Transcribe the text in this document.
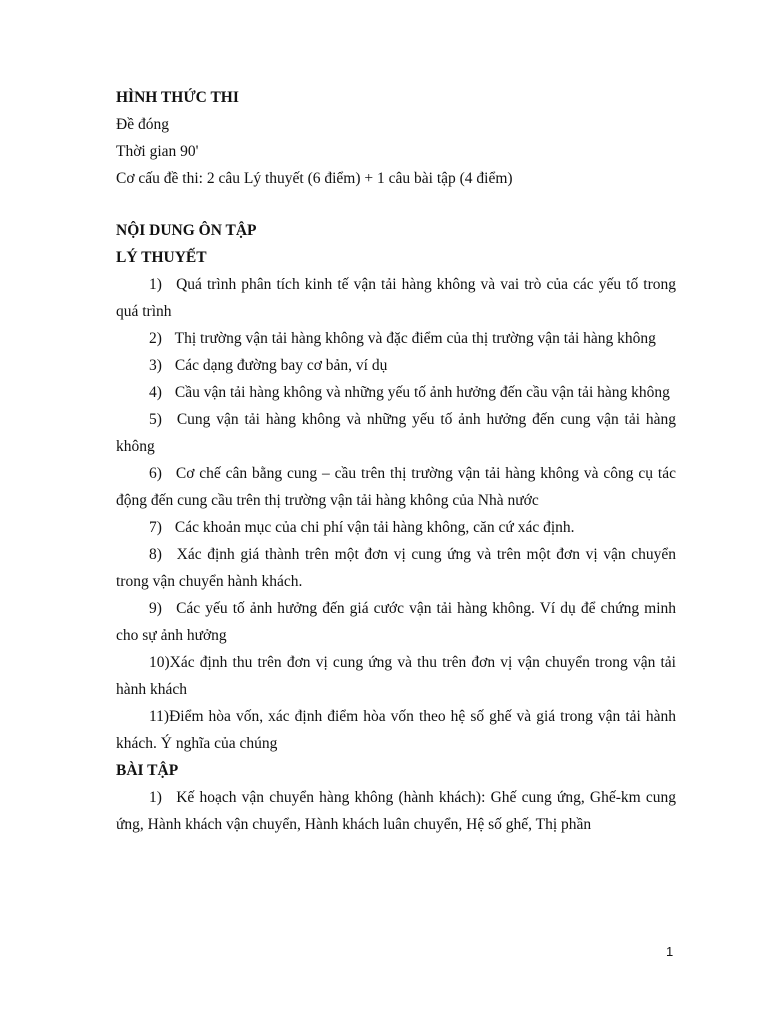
HÌNH THỨC THI

Đề đóng

Thời gian 90'

Cơ cấu đề thi: 2 câu Lý thuyết (6 điểm) + 1 câu bài tập (4 điểm)

NỘI DUNG ÔN TẬP

LÝ THUYẾT

1) Quá trình phân tích kinh tế vận tải hàng không và vai trò của các yếu tố trong quá trình
2) Thị trường vận tải hàng không và đặc điểm của thị trường vận tải hàng không
3) Các dạng đường bay cơ bản, ví dụ
4) Cầu vận tải hàng không và những yếu tố ảnh hưởng đến cầu vận tải hàng không
5) Cung vận tải hàng không và những yếu tố ảnh hưởng đến cung vận tải hàng không
6) Cơ chế cân bằng cung – cầu trên thị trường vận tải hàng không và công cụ tác động đến cung cầu trên thị trường vận tải hàng không của Nhà nước
7) Các khoản mục của chi phí vận tải hàng không, căn cứ xác định.
8) Xác định giá thành trên một đơn vị cung ứng và trên một đơn vị vận chuyển trong vận chuyển hành khách.
9) Các yếu tố ảnh hưởng đến giá cước vận tải hàng không. Ví dụ để chứng minh cho sự ảnh hưởng
10)Xác định thu trên đơn vị cung ứng và thu trên đơn vị vận chuyển trong vận tải hành khách
11)Điểm hòa vốn, xác định điểm hòa vốn theo hệ số ghế và giá trong vận tải hành khách. Ý nghĩa của chúng

BÀI TẬP

1) Kế hoạch vận chuyển hàng không (hành khách): Ghế cung ứng, Ghế-km cung ứng, Hành khách vận chuyển, Hành khách luân chuyển, Hệ số ghế, Thị phần
1
